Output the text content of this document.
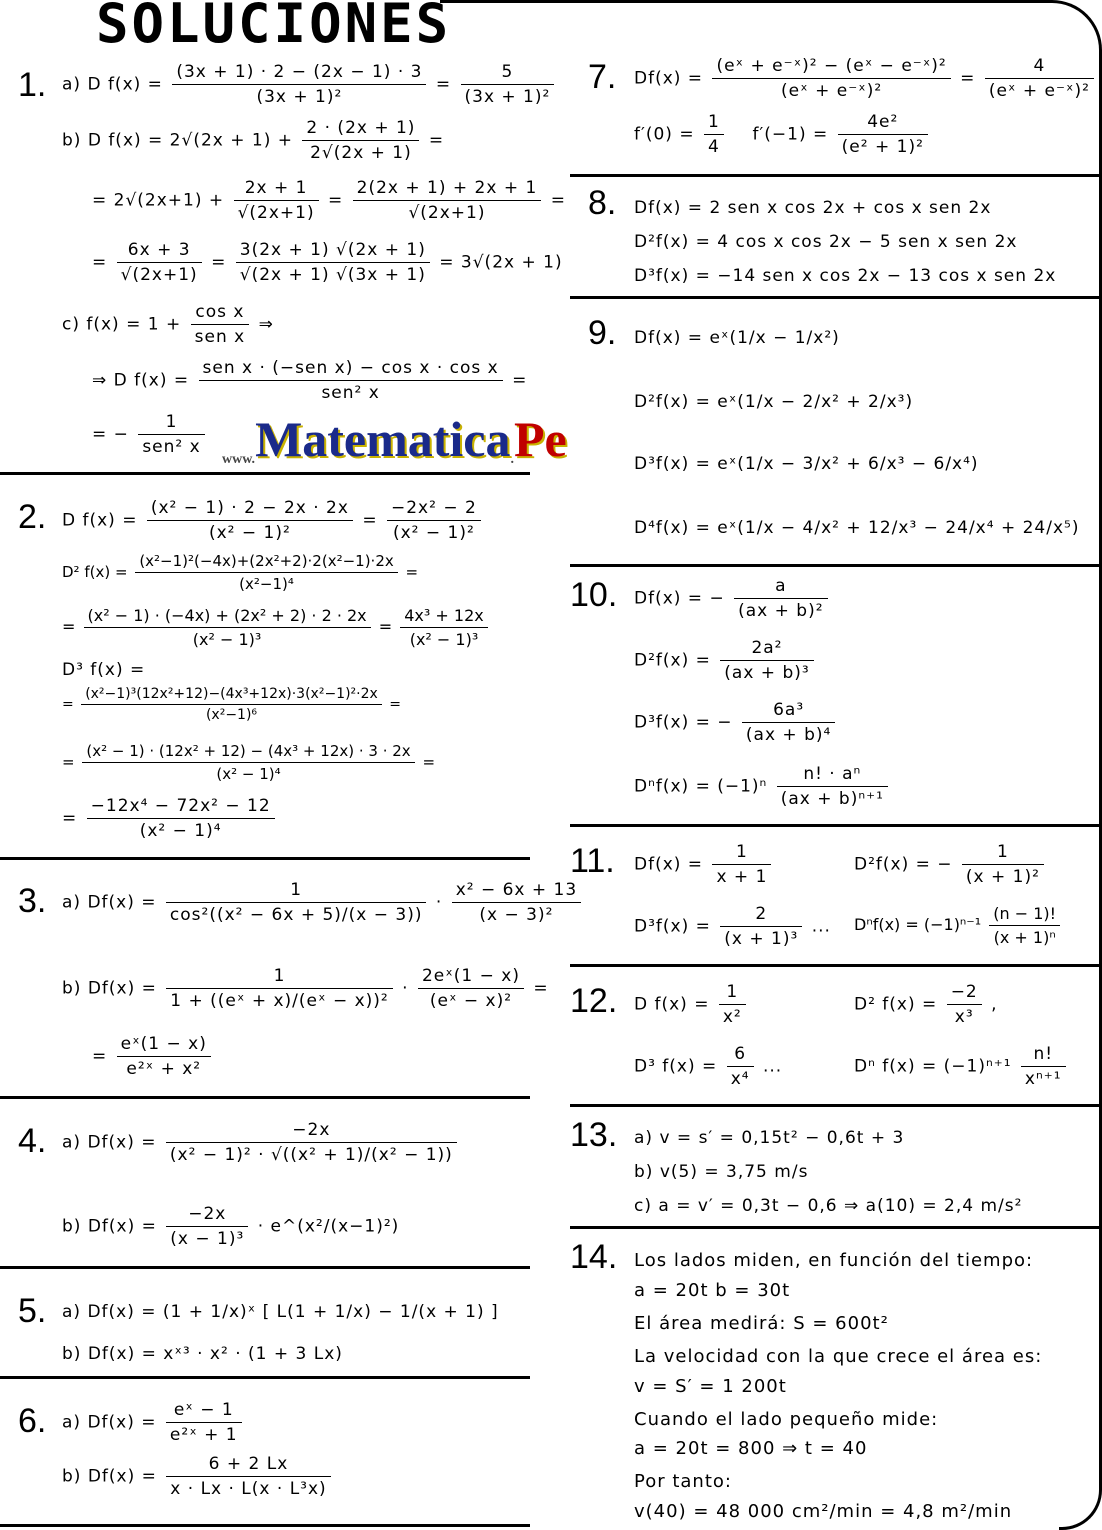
SOLUCIONES
1.
2.
3.
4.
5.
6.
7.
8.
9.
10.
11.
12.
13.
14.
a) D $f(x) = \frac{(3x + 1) \cdot 2 - (2x - 1) \cdot 3}{\text{(3x + 1)²}} = \frac{5}{\text{(3x + 1)²}}$
b) D $f(x) = 2√(2x + 1) + \frac{2 \cdot (2x + 1)}{2√(2x + 1)}$ =
= $2√(2x+1) + \frac{2x + 1}{√(2x+1)} = \frac{2(2x + 1) + 2x + 1}{√(2x+1)}$ =
= $\frac{6x + 3}{√(2x+1)} = \frac{3(2x + 1) √(2x + 1)}{√(2x + 1) √(3x + 1)} = 3√(2x + 1)$
c) $f(x) = 1 + \frac{\text{cos x}}{\text{sen x}}$ ⇒
⇒ D $f(x) = \frac{\text{sen x · (−sen x) − cos x · cos x}}{\text{sen² x}}$ =
= − $\frac{1}{\text{sen² x}}$
www.Matematica.Pe
D $f(x) = \frac{\text{(x² − 1) · 2 − 2x · 2x}}{\text{(x² − 1)²}} = \frac{\text{−2x² − 2}}{\text{(x² − 1)²}}$
D² $f(x) = \frac{\text{(x²−1)²(−4x)+(2x²+2)·2(x²−1)·2x}}{\text{(x²−1)⁴}}$ =
= $\frac{\text{(x² − 1) · (−4x) + (2x² + 2) · 2 · 2x}}{\text{(x² − 1)³}} = \frac{\text{4x³ + 12x}}{\text{(x² − 1)³}}$
D³ f(x) =
= $\frac{\text{(x²−1)³(12x²+12)−(4x³+12x)·3(x²−1)²·2x}}{\text{(x²−1)⁶}}$ =
= $\frac{\text{(x² − 1) · (12x² + 12) − (4x³ + 12x) · 3 · 2x}}{\text{(x² − 1)⁴}}$ =
= $\frac{\text{−12x⁴ − 72x² − 12}}{\text{(x² − 1)⁴}}$
a) $Df(x) = \frac{1}{\text{cos²((x² − 6x + 5)/(x − 3))}} \cdot \frac{\text{x² − 6x + 13}}{\text{(x − 3)²}}$
b) $Df(x) = \frac{1}{\text{1 + ((eˣ + x)/(eˣ − x))²}} \cdot \frac{\text{2eˣ(1 − x)}}{\text{(eˣ − x)²}}$ =
= $\frac{\text{eˣ(1 − x)}}{\text{e²ˣ + x²}}$
a) $Df(x) = \frac{-2x}{\text{(x² − 1)² · √((x² + 1)/(x² − 1))}}$
b) $Df(x) = \frac{-2x}{\text{(x − 1)³}}$ · e^(x²/(x−1)²)
a) Df(x) = (1 + 1/x)ˣ [ L(1 + 1/x) − 1/(x + 1) ]
b) Df(x) = xˣ³ · x² · (1 + 3 Lx)
a) $Df(x) = \frac{\text{eˣ − 1}}{\text{e²ˣ + 1}}$
b) $Df(x) = \frac{6 + 2 Lx}{\text{x · Lx · L(x · L³x)}}$
$Df(x) = \frac{\text{(eˣ + e⁻ˣ)² − (eˣ − e⁻ˣ)²}}{\text{(eˣ + e⁻ˣ)²}} = \frac{4}{\text{(eˣ + e⁻ˣ)²}}$
$f'(0) = \frac{1}{4} f'(-1) = \frac{\text{4e²}}{\text{(e² + 1)²}}$
Df(x) = 2 sen x cos 2x + cos x sen 2x
D²f(x) = 4 cos x cos 2x − 5 sen x sen 2x
D³f(x) = −14 sen x cos 2x − 13 cos x sen 2x
Df(x) = eˣ(1/x − 1/x²)
D²f(x) = eˣ(1/x − 2/x² + 2/x³)
D³f(x) = eˣ(1/x − 3/x² + 6/x³ − 6/x⁴)
D⁴f(x) = eˣ(1/x − 4/x² + 12/x³ − 24/x⁴ + 24/x⁵)
Df(x) = − $\frac{a}{\text{(ax + b)²}}$
$D^2f(x) = \frac{\text{2a²}}{\text{(ax + b)³}}$
D³f(x) = − $\frac{\text{6a³}}{\text{(ax + b)⁴}}$
$D^nf(x) = (-1)^n \frac{\text{n! · aⁿ}}{\text{(ax + b)ⁿ⁺¹}}$
$Df(x) = \frac{1}{x + 1}$	D²f(x) = − $\frac{1}{\text{(x + 1)²}}$
$D^3f(x) = \frac{2}{\text{(x + 1)³}}$ ... $D^nf(x) = (-1)^{n-1} \frac{(n - 1)!}{\text{(x + 1)ⁿ}}$
D $f(x) = \frac{1}{\text{x²}}$	D² $f(x) = \frac{-2}{\text{x³}}$ ,
D³ $f(x) = \frac{6}{\text{x⁴}}$ ...	Dⁿ $f(x) = (-1)^{n+1} \frac{n!}{\text{xⁿ⁺¹}}$
a) v = s′ = 0,15t² − 0,6t + 3
b) v(5) = 3,75 m/s
c) a = v′ = 0,3t − 0,6 ⇒ a(10) = 2,4 m/s²
Los lados miden, en función del tiempo:
a = 20t b = 30t
El área medirá: S = 600t²
La velocidad con la que crece el área es:
v = S′ = 1 200t
Cuando el lado pequeño mide:
a = 20t = 800 ⇒ t = 40
Por tanto:
v(40) = 48 000 cm²/min = 4,8 m²/min
